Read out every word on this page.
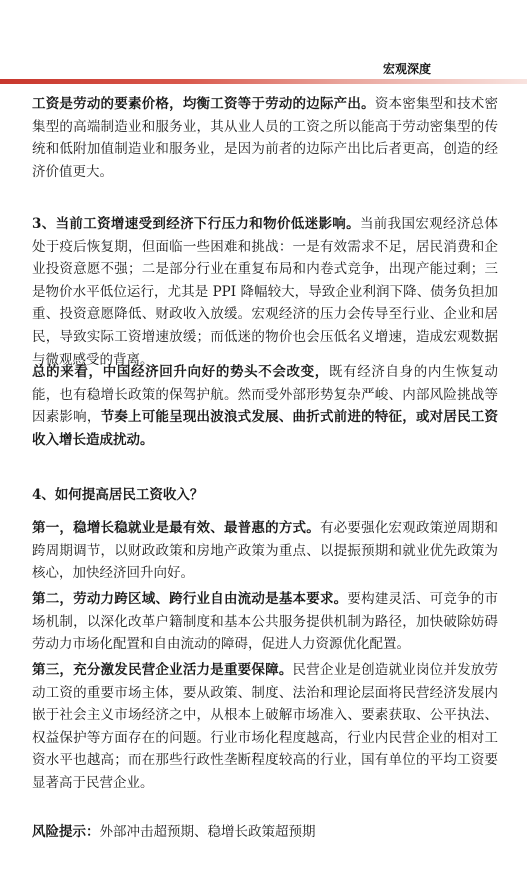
宏观深度

工资是劳动的要素价格，均衡工资等于劳动的边际产出。资本密集型和技术密集型的高端制造业和服务业，其从业人员的工资之所以能高于劳动密集型的传统和低附加值制造业和服务业，是因为前者的边际产出比后者更高，创造的经济价值更大。

3、当前工资增速受到经济下行压力和物价低迷影响。当前我国宏观经济总体处于疫后恢复期，但面临一些困难和挑战：一是有效需求不足，居民消费和企业投资意愿不强；二是部分行业在重复布局和内卷式竞争，出现产能过剩；三是物价水平低位运行，尤其是 PPI 降幅较大，导致企业利润下降、债务负担加重、投资意愿降低、财政收入放缓。宏观经济的压力会传导至行业、企业和居民，导致实际工资增速放缓；而低迷的物价也会压低名义增速，造成宏观数据与微观感受的背离。

总的来看，中国经济回升向好的势头不会改变，既有经济自身的内生恢复动能，也有稳增长政策的保驾护航。然而受外部形势复杂严峻、内部风险挑战等因素影响，节奏上可能呈现出波浪式发展、曲折式前进的特征，或对居民工资收入增长造成扰动。

4、如何提高居民工资收入？

第一，稳增长稳就业是最有效、最普惠的方式。有必要强化宏观政策逆周期和跨周期调节，以财政政策和房地产政策为重点、以提振预期和就业优先政策为核心，加快经济回升向好。

第二，劳动力跨区域、跨行业自由流动是基本要求。要构建灵活、可竞争的市场机制，以深化改革户籍制度和基本公共服务提供机制为路径，加快破除妨碍劳动力市场化配置和自由流动的障碍，促进人力资源优化配置。

第三，充分激发民营企业活力是重要保障。民营企业是创造就业岗位并发放劳动工资的重要市场主体，要从政策、制度、法治和理论层面将民营经济发展内嵌于社会主义市场经济之中，从根本上破解市场准入、要素获取、公平执法、权益保护等方面存在的问题。行业市场化程度越高，行业内民营企业的相对工资水平也越高；而在那些行政性垄断程度较高的行业，国有单位的平均工资要显著高于民营企业。

风险提示：外部冲击超预期、稳增长政策超预期
